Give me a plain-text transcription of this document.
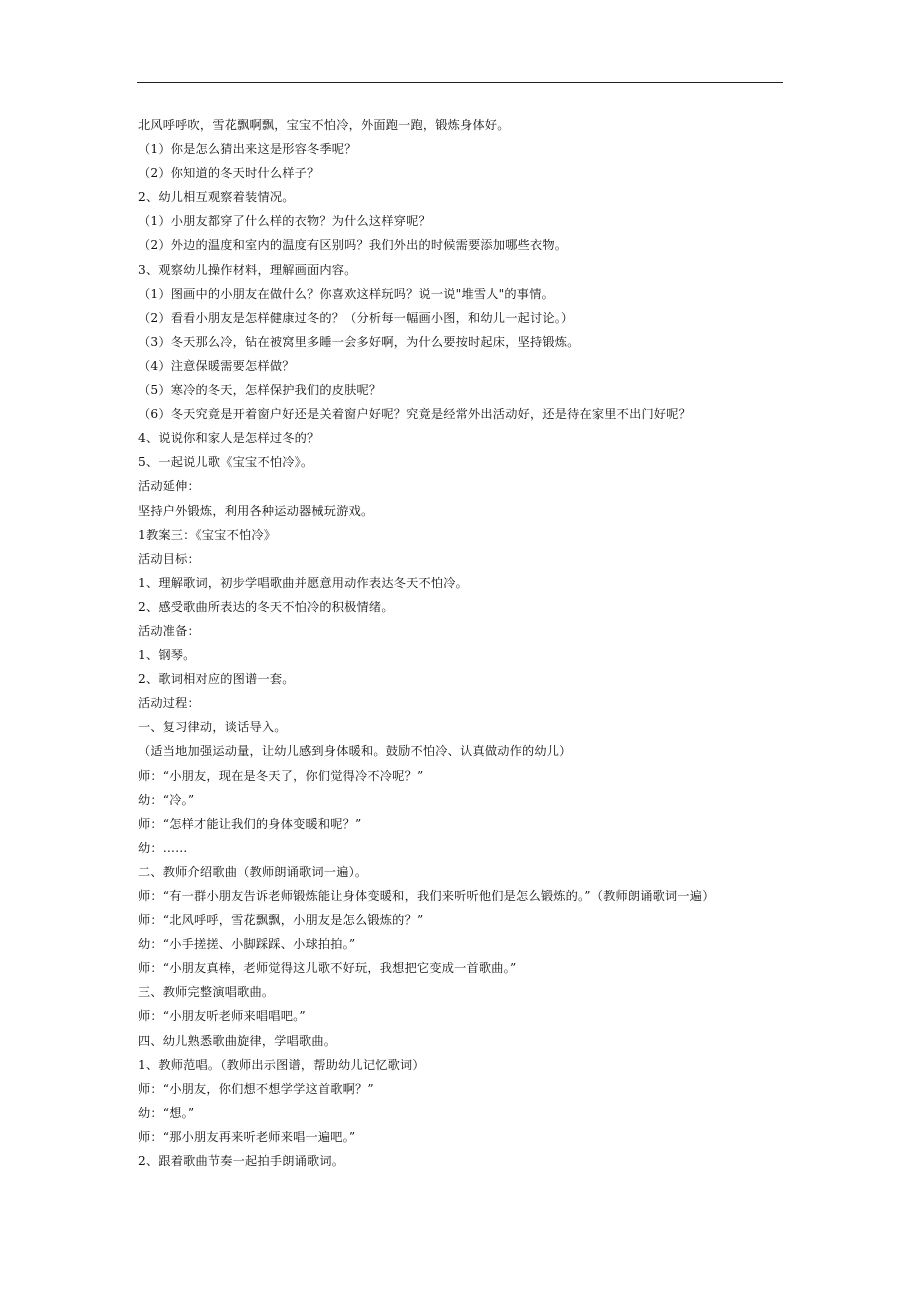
北风呼呼吹，雪花飘啊飘，宝宝不怕冷，外面跑一跑，锻炼身体好。
（1）你是怎么猜出来这是形容冬季呢？
（2）你知道的冬天时什么样子？
2、幼儿相互观察着装情况。
（1）小朋友都穿了什么样的衣物？为什么这样穿呢？
（2）外边的温度和室内的温度有区别吗？我们外出的时候需要添加哪些衣物。
3、观察幼儿操作材料，理解画面内容。
（1）图画中的小朋友在做什么？你喜欢这样玩吗？说一说"堆雪人"的事情。
（2）看看小朋友是怎样健康过冬的？（分析每一幅画小图，和幼儿一起讨论。）
（3）冬天那么冷，钻在被窝里多睡一会多好啊，为什么要按时起床，坚持锻炼。
（4）注意保暖需要怎样做？
（5）寒冷的冬天，怎样保护我们的皮肤呢？
（6）冬天究竟是开着窗户好还是关着窗户好呢？究竟是经常外出活动好，还是待在家里不出门好呢？
4、说说你和家人是怎样过冬的？
5、一起说儿歌《宝宝不怕冷》。
活动延伸：
坚持户外锻炼，利用各种运动器械玩游戏。
1教案三：《宝宝不怕冷》
活动目标：
1、理解歌词，初步学唱歌曲并愿意用动作表达冬天不怕冷。
2、感受歌曲所表达的冬天不怕冷的积极情绪。
活动准备：
1、钢琴。
2、歌词相对应的图谱一套。
活动过程：
一、复习律动，谈话导入。
（适当地加强运动量，让幼儿感到身体暖和。鼓励不怕冷、认真做动作的幼儿）
师：“小朋友，现在是冬天了，你们觉得冷不冷呢？”
幼：“冷。”
师：“怎样才能让我们的身体变暖和呢？”
幼：……
二、教师介绍歌曲（教师朗诵歌词一遍）。
师：“有一群小朋友告诉老师锻炼能让身体变暖和，我们来听听他们是怎么锻炼的。”（教师朗诵歌词一遍）
师：“北风呼呼，雪花飘飘，小朋友是怎么锻炼的？”
幼：“小手搓搓、小脚踩踩、小球拍拍。”
师：“小朋友真棒，老师觉得这儿歌不好玩，我想把它变成一首歌曲。”
三、教师完整演唱歌曲。
师：“小朋友听老师来唱唱吧。”
四、幼儿熟悉歌曲旋律，学唱歌曲。
1、教师范唱。（教师出示图谱，帮助幼儿记忆歌词）
师：“小朋友，你们想不想学学这首歌啊？”
幼：“想。”
师：“那小朋友再来听老师来唱一遍吧。”
2、跟着歌曲节奏一起拍手朗诵歌词。
